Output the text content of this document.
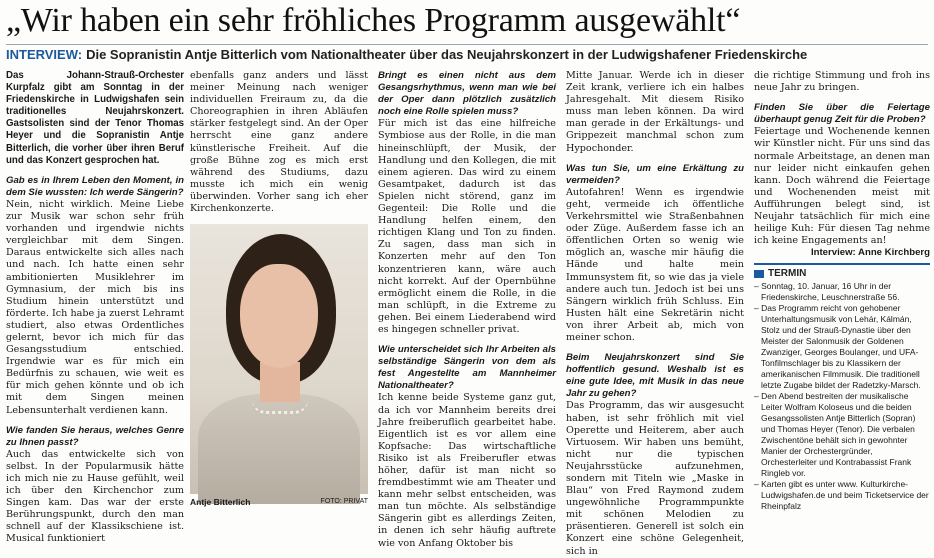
„Wir haben ein sehr fröhliches Programm ausgewählt“
INTERVIEW: Die Sopranistin Antje Bitterlich vom Nationaltheater über das Neujahrskonzert in der Ludwigshafener Friedenskirche

Das Johann-Strauß-Orchester Kurpfalz gibt am Sonntag in der Friedenskirche in Ludwigshafen sein traditionelles Neujahrskonzert. Gastsolisten sind der Tenor Thomas Heyer und die Sopranistin Antje Bitterlich, die vorher über ihren Beruf und das Konzert gesprochen hat.

Gab es in Ihrem Leben den Moment, in dem Sie wussten: Ich werde Sängerin?

Nein, nicht wirklich. Meine Liebe zur Musik war schon sehr früh vorhanden und irgendwie nichts vergleichbar mit dem Singen. Daraus entwickelte sich alles nach und nach. Ich hatte einen sehr ambitionierten Musiklehrer im Gymnasium, der mich bis ins Studium hinein unterstützt und förderte. Ich habe ja zuerst Lehramt studiert, also etwas Ordentliches gelernt, bevor ich mich für das Gesangsstudium entschied. Irgendwie war es für mich ein Bedürfnis zu schauen, wie weit es für mich gehen könnte und ob ich mit dem Singen meinen Lebensunterhalt verdienen kann.

Wie fanden Sie heraus, welches Genre zu Ihnen passt?

Auch das entwickelte sich von selbst. In der Popularmusik hätte ich mich nie zu Hause gefühlt, weil ich über den Kirchenchor zum Singen kam. Das war der erste Berührungspunkt, durch den man schnell auf der Klassikschiene ist. Musical funktioniert

ebenfalls ganz anders und lässt meiner Meinung nach weniger individuellen Freiraum zu, da die Choreographien in ihren Abläufen stärker festgelegt sind. An der Oper herrscht eine ganz andere künstlerische Freiheit. Auf die große Bühne zog es mich erst während des Studiums, dazu musste ich mich ein wenig überwinden. Vorher sang ich eher Kirchenkonzerte.

Antje Bitterlich	FOTO: PRIVAT

Bringt es einen nicht aus dem Gesangsrhythmus, wenn man wie bei der Oper dann plötzlich zusätzlich noch eine Rolle spielen muss?

Für mich ist das eine hilfreiche Symbiose aus der Rolle, in die man hineinschlüpft, der Musik, der Handlung und den Kollegen, die mit einem agieren. Das wird zu einem Gesamtpaket, dadurch ist das Spielen nicht störend, ganz im Gegenteil: Die Rolle und die Handlung helfen einem, den richtigen Klang und Ton zu finden. Zu sagen, dass man sich in Konzerten mehr auf den Ton konzentrieren kann, wäre auch nicht korrekt. Auf der Opernbühne ermöglicht einem die Rolle, in die man schlüpft, in die Extreme zu gehen. Bei einem Liederabend wird es hingegen schneller privat.

Wie unterscheidet sich Ihr Arbeiten als selbständige Sängerin von dem als fest Angestellte am Mannheimer Nationaltheater?

Ich kenne beide Systeme ganz gut, da ich vor Mannheim bereits drei Jahre freiberuflich gearbeitet habe. Eigentlich ist es vor allem eine Kopfsache: Das wirtschaftliche Risiko ist als Freiberufler etwas höher, dafür ist man nicht so fremdbestimmt wie am Theater und kann mehr selbst entscheiden, was man tun möchte. Als selbständige Sängerin gibt es allerdings Zeiten, in denen ich sehr häufig auftrete wie von Anfang Oktober bis

Mitte Januar. Werde ich in dieser Zeit krank, verliere ich ein halbes Jahresgehalt. Mit diesem Risiko muss man leben können. Da wird man gerade in der Erkältungs- und Grippezeit manchmal schon zum Hypochonder.

Was tun Sie, um eine Erkältung zu vermeiden?

Autofahren! Wenn es irgendwie geht, vermeide ich öffentliche Verkehrsmittel wie Straßenbahnen oder Züge. Außerdem fasse ich an öffentlichen Orten so wenig wie möglich an, wasche mir häufig die Hände und halte mein Immunsystem fit, so wie das ja viele andere auch tun. Jedoch ist bei uns Sängern wirklich früh Schluss. Ein Husten hält eine Sekretärin nicht von ihrer Arbeit ab, mich von meiner schon.

Beim Neujahrskonzert sind Sie hoffentlich gesund. Weshalb ist es eine gute Idee, mit Musik in das neue Jahr zu gehen?

Das Programm, das wir ausgesucht haben, ist sehr fröhlich mit viel Operette und Heiterem, aber auch Virtuosem. Wir haben uns bemüht, nicht nur die typischen Neujahrsstücke aufzunehmen, sondern mit Titeln wie „Maske in Blau“ von Fred Raymond zudem ungewöhnliche Programmpunkte mit schönen Melodien zu präsentieren. Generell ist solch ein Konzert eine schöne Gelegenheit, sich in

die richtige Stimmung und froh ins neue Jahr zu bringen.

Finden Sie über die Feiertage überhaupt genug Zeit für die Proben?

Feiertage und Wochenende kennen wir Künstler nicht. Für uns sind das normale Arbeitstage, an denen man nur leider nicht einkaufen gehen kann. Doch während die Feiertage und Wochenenden meist mit Aufführungen belegt sind, ist Neujahr tatsächlich für mich eine heilige Kuh: Für diesen Tag nehme ich keine Engagements an!

Interview: Anne Kirchberg

TERMIN
– Sonntag, 10. Januar, 16 Uhr in der Friedenskirche, Leuschnerstraße 56.
– Das Programm reicht von gehobener Unterhaltungsmusik von Lehár, Kálmán, Stolz und der Strauß-Dynastie über den Meister der Salonmusik der Goldenen Zwanziger, Georges Boulanger, und UFA-Tonfilmschlager bis zu Klassikern der amerikanischen Filmmusik. Die traditionell letzte Zugabe bildet der Radetzky-Marsch.
– Den Abend bestreiten der musikalische Leiter Wolfram Koloseus und die beiden Gesangssolisten Antje Bitterlich (Sopran) und Thomas Heyer (Tenor). Die verbalen Zwischentöne behält sich in gewohnter Manier der Orchestergründer, Orchesterleiter und Kontrabassist Frank Ringleb vor.
– Karten gibt es unter www. Kulturkirche-Ludwigshafen.de und beim Ticketservice der Rheinpfalz
